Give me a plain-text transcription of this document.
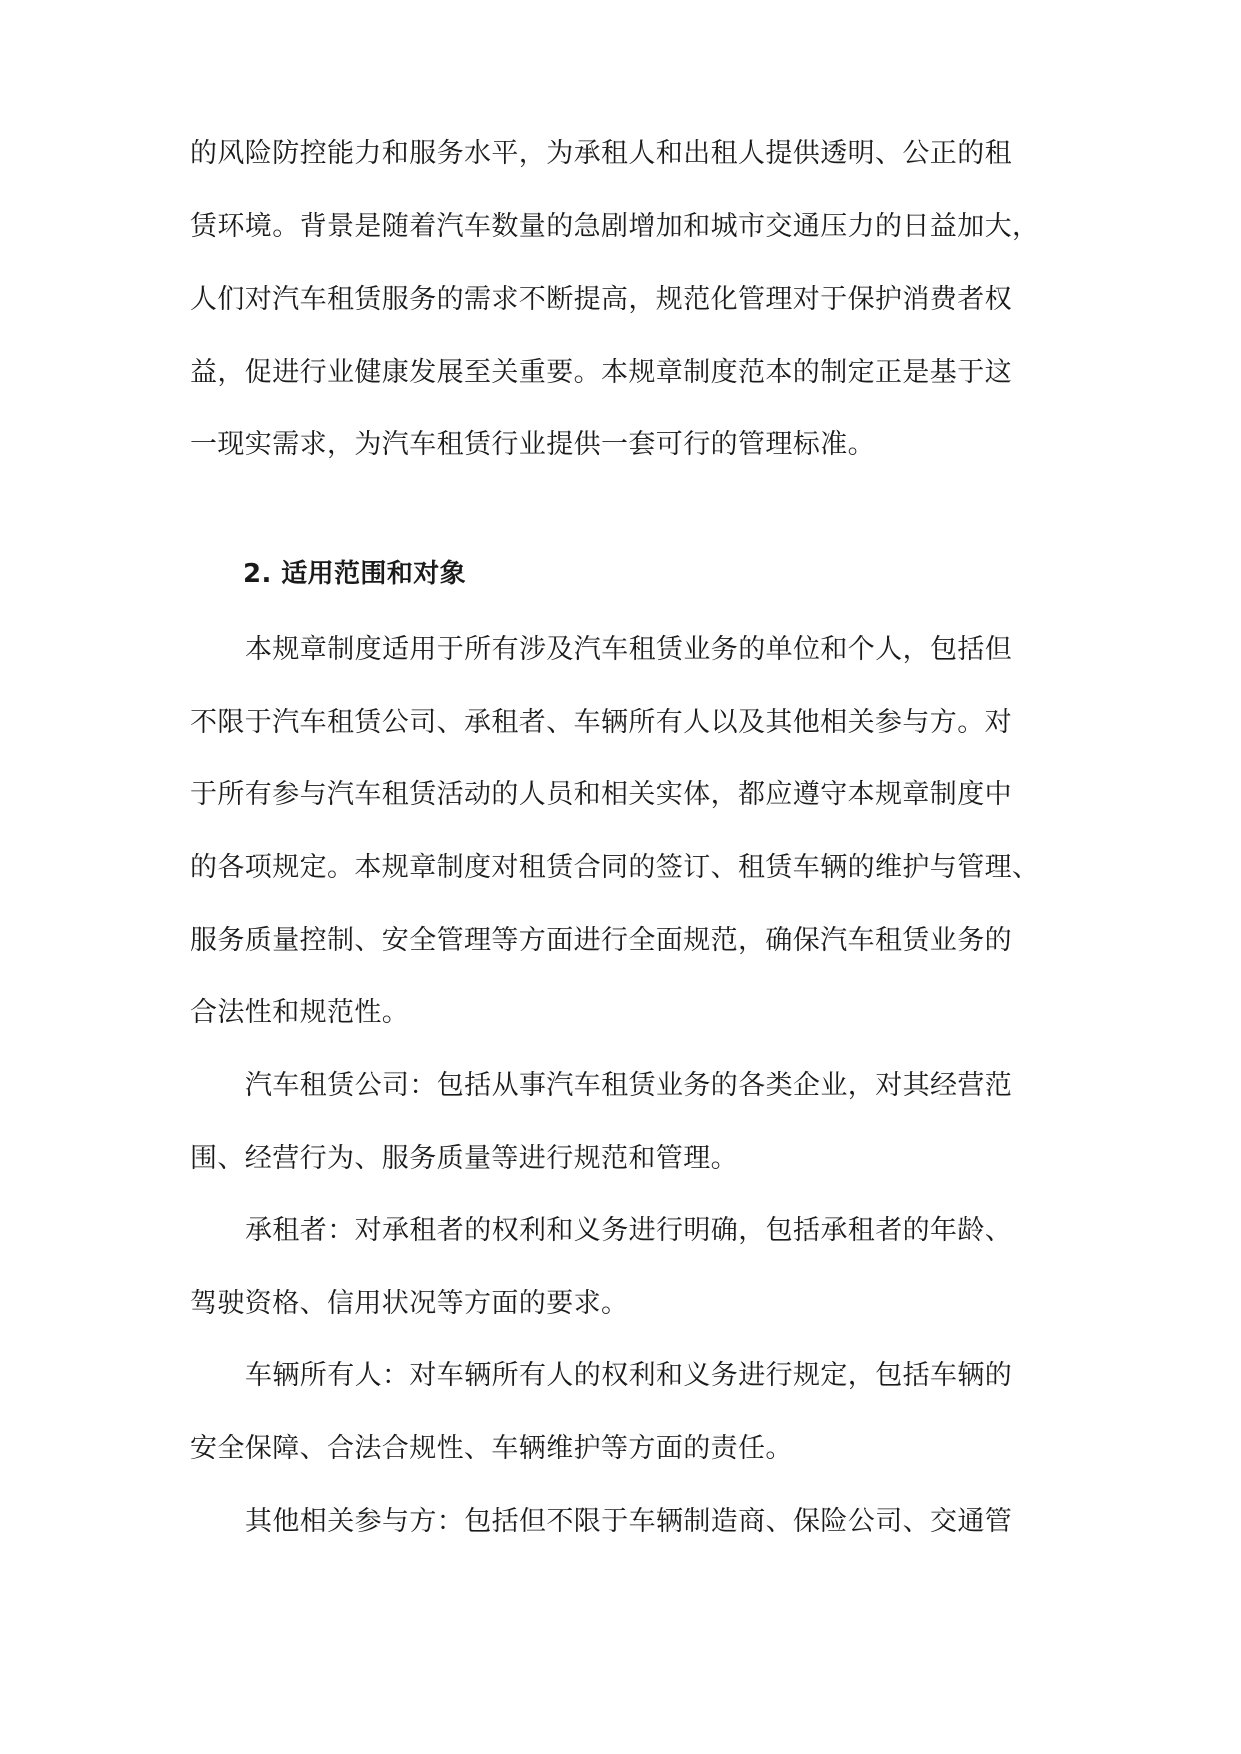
的风险防控能力和服务水平，为承租人和出租人提供透明、公正的租

赁环境。背景是随着汽车数量的急剧增加和城市交通压力的日益加大，

人们对汽车租赁服务的需求不断提高，规范化管理对于保护消费者权

益，促进行业健康发展至关重要。本规章制度范本的制定正是基于这

一现实需求，为汽车租赁行业提供一套可行的管理标准。

2. 适用范围和对象

本规章制度适用于所有涉及汽车租赁业务的单位和个人，包括但

不限于汽车租赁公司、承租者、车辆所有人以及其他相关参与方。对

于所有参与汽车租赁活动的人员和相关实体，都应遵守本规章制度中

的各项规定。本规章制度对租赁合同的签订、租赁车辆的维护与管理、

服务质量控制、安全管理等方面进行全面规范，确保汽车租赁业务的

合法性和规范性。

汽车租赁公司：包括从事汽车租赁业务的各类企业，对其经营范

围、经营行为、服务质量等进行规范和管理。

承租者：对承租者的权利和义务进行明确，包括承租者的年龄、

驾驶资格、信用状况等方面的要求。

车辆所有人：对车辆所有人的权利和义务进行规定，包括车辆的

安全保障、合法合规性、车辆维护等方面的责任。

其他相关参与方：包括但不限于车辆制造商、保险公司、交通管
